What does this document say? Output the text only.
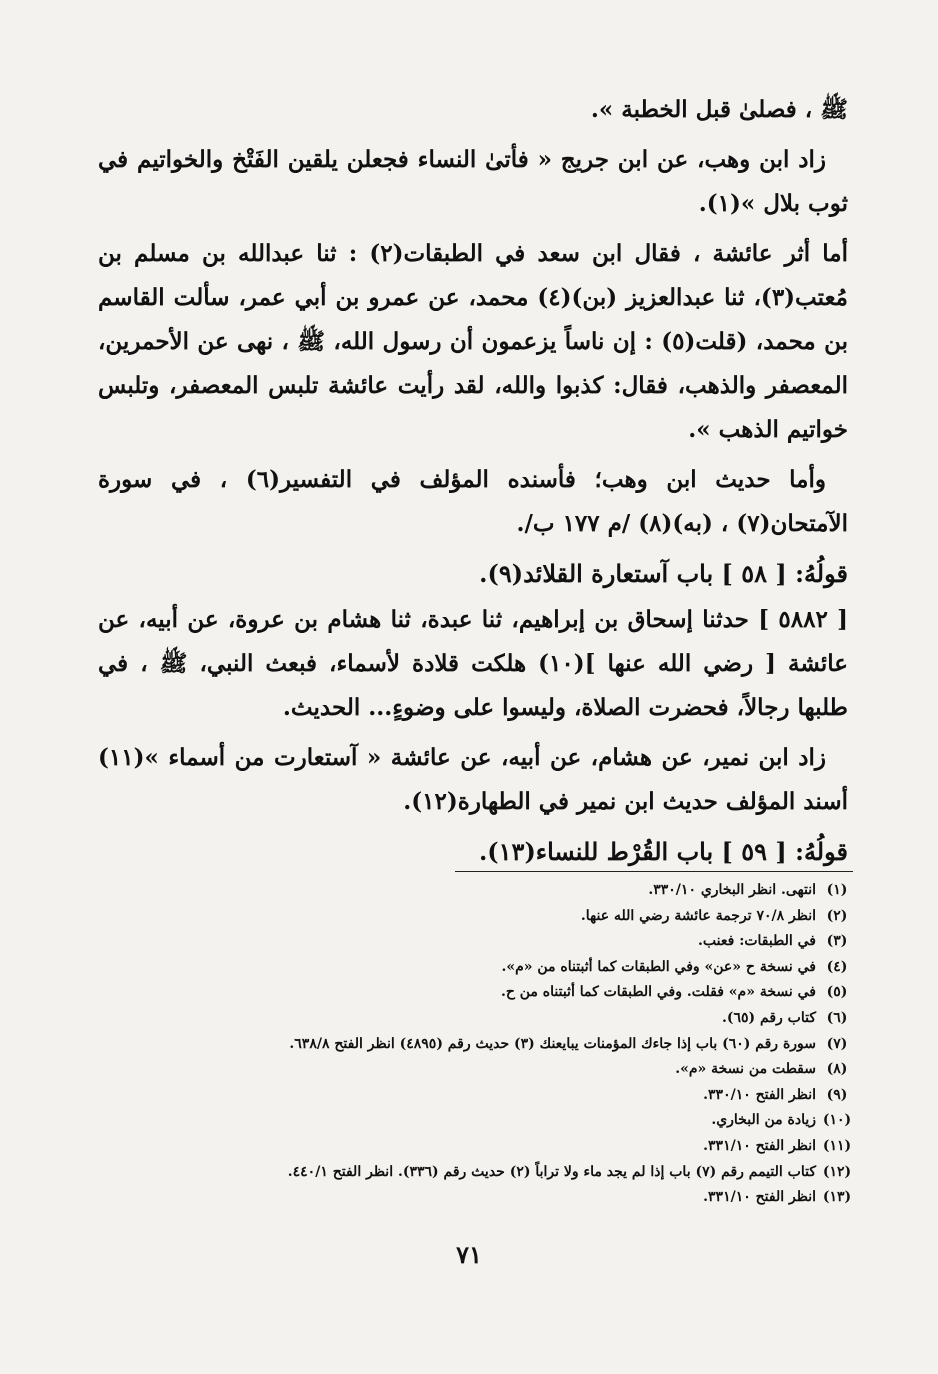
ﷺ ، فصلىٰ قبل الخطبة ».

زاد ابن وهب، عن ابن جريج « فأتىٰ النساء فجعلن يلقين الفَتْخ والخواتيم في ثوب بلال »(١).

أما أثر عائشة ، فقال ابن سعد في الطبقات(٢) : ثنا عبدالله بن مسلم بن مُعتب(٣)، ثنا عبدالعزيز (بن)(٤) محمد، عن عمرو بن أبي عمر، سألت القاسم بن محمد، (قلت(٥) : إن ناساً يزعمون أن رسول الله، ﷺ ، نهى عن الأحمرين، المعصفر والذهب، فقال: كذبوا والله، لقد رأيت عائشة تلبس المعصفر، وتلبس خواتيم الذهب ».

وأما حديث ابن وهب؛ فأسنده المؤلف في التفسير(٦) ، في سورة الآمتحان(٧) ، (به)(٨) /م ١٧٧ ب/.

قولُهُ: [ ٥٨ ] باب آستعارة القلائد(٩).

[ ٥٨٨٢ ] حدثنا إسحاق بن إبراهيم، ثنا عبدة، ثنا هشام بن عروة، عن أبيه، عن عائشة [ رضي الله عنها ](١٠) هلكت قلادة لأسماء، فبعث النبي، ﷺ ، في طلبها رجالاً، فحضرت الصلاة، وليسوا على وضوءٍ... الحديث.

زاد ابن نمير، عن هشام، عن أبيه، عن عائشة « آستعارت من أسماء »(١١) أسند المؤلف حديث ابن نمير في الطهارة(١٢).

قولُهُ: [ ٥٩ ] باب القُرْط للنساء(١٣).

(١)
انتهى. انظر البخاري ٣٣٠/١٠.
(٢)
انظر ٧٠/٨ ترجمة عائشة رضي الله عنها.
(٣)
في الطبقات: فعنب.
(٤)
في نسخة ح «عن» وفي الطبقات كما أثبتناه من «م».
(٥)
في نسخة «م» فقلت. وفي الطبقات كما أثبتناه من ح.
(٦)
كتاب رقم (٦٥).
(٧)
سورة رقم (٦٠) باب إذا جاءك المؤمنات يبايعنك (٣) حديث رقم (٤٨٩٥) انظر الفتح ٦٣٨/٨.
(٨)
سقطت من نسخة «م».
(٩)
انظر الفتح ٣٣٠/١٠.
(١٠)
زيادة من البخاري.
(١١)
انظر الفتح ٣٣١/١٠.
(١٢)
كتاب التيمم رقم (٧) باب إذا لم يجد ماء ولا تراباً (٢) حديث رقم (٣٣٦). انظر الفتح ٤٤٠/١.
(١٣)
انظر الفتح ٣٣١/١٠.
٧١
